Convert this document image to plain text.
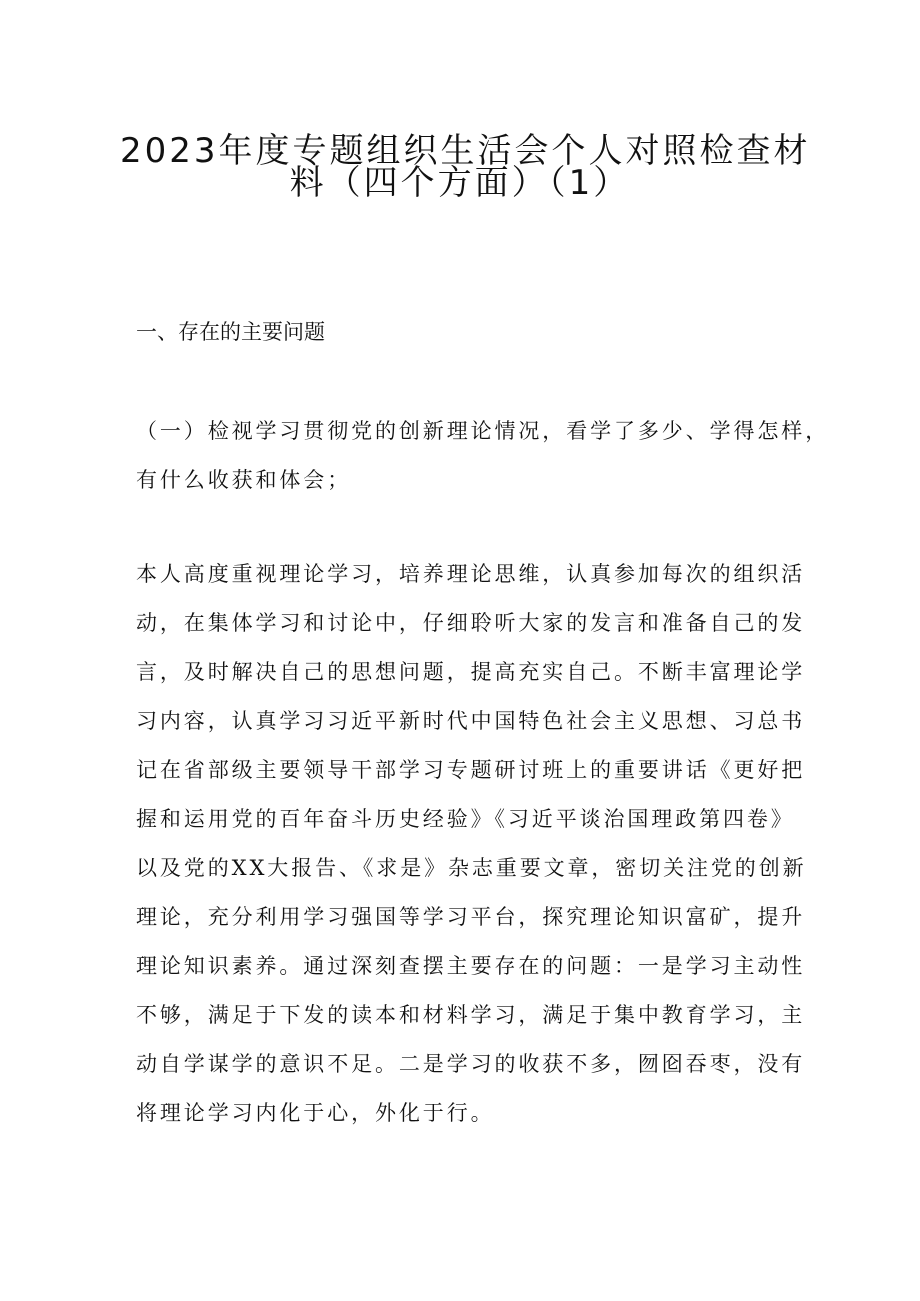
2023年度专题组织生活会个人对照检查材
料（四个方面）（1）
一、存在的主要问题
（一）检视学习贯彻党的创新理论情况，看学了多少、学得怎样，
有什么收获和体会；
本人高度重视理论学习，培养理论思维，认真参加每次的组织活
动，在集体学习和讨论中，仔细聆听大家的发言和准备自己的发
言，及时解决自己的思想问题，提高充实自己。不断丰富理论学
习内容，认真学习习近平新时代中国特色社会主义思想、习总书
记在省部级主要领导干部学习专题研讨班上的重要讲话《更好把
握和运用党的百年奋斗历史经验》《习近平谈治国理政第四卷》
以及党的XX大报告、《求是》杂志重要文章，密切关注党的创新
理论，充分利用学习强国等学习平台，探究理论知识富矿，提升
理论知识素养。通过深刻查摆主要存在的问题：一是学习主动性
不够，满足于下发的读本和材料学习，满足于集中教育学习，主
动自学谋学的意识不足。二是学习的收获不多，囫囵吞枣，没有
将理论学习内化于心，外化于行。
